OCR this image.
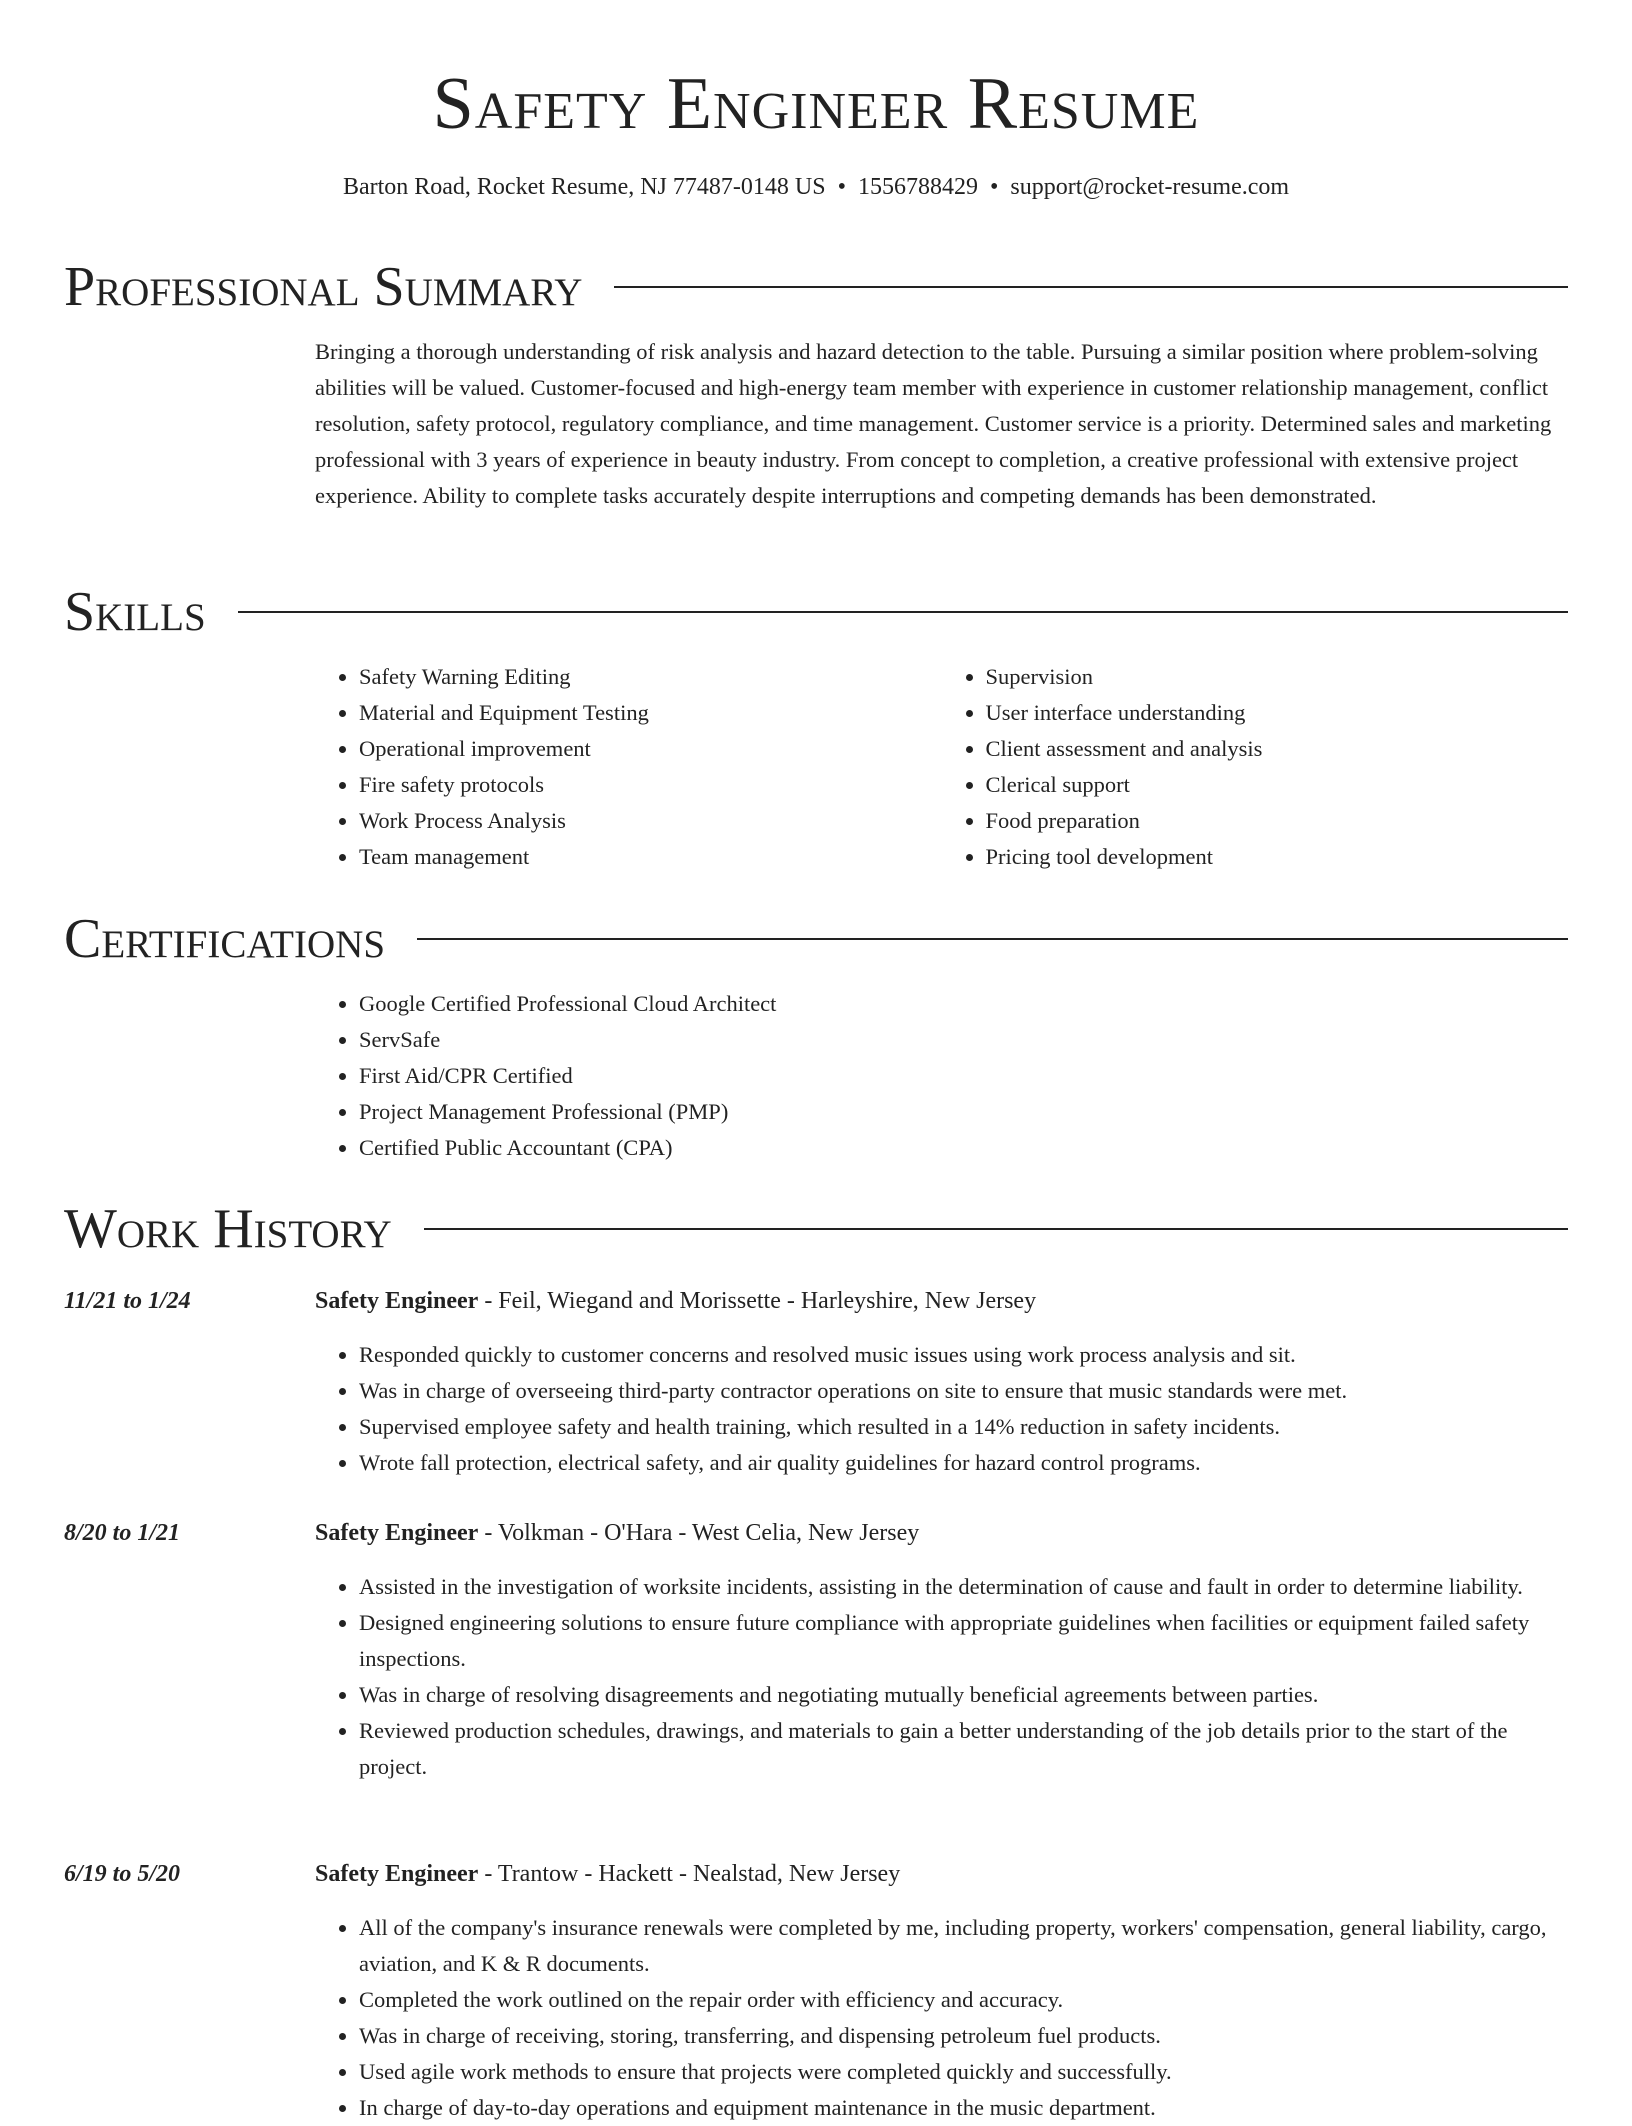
Safety Engineer Resume
Barton Road, Rocket Resume, NJ 77487-0148 US • 1556788429 • support@rocket-resume.com
Professional Summary

Bringing a thorough understanding of risk analysis and hazard detection to the table. Pursuing a similar position where problem-solving abilities will be valued. Customer-focused and high-energy team member with experience in customer relationship management, conflict resolution, safety protocol, regulatory compliance, and time management. Customer service is a priority. Determined sales and marketing professional with 3 years of experience in beauty industry. From concept to completion, a creative professional with extensive project experience. Ability to complete tasks accurately despite interruptions and competing demands has been demonstrated.

Skills
• Safety Warning Editing
• Material and Equipment Testing
• Operational improvement
• Fire safety protocols
• Work Process Analysis
• Team management
• Supervision
• User interface understanding
• Client assessment and analysis
• Clerical support
• Food preparation
• Pricing tool development
Certifications
• Google Certified Professional Cloud Architect
• ServSafe
• First Aid/CPR Certified
• Project Management Professional (PMP)
• Certified Public Accountant (CPA)
Work History
11/21 to 1/24	Safety Engineer - Feil, Wiegand and Morissette - Harleyshire, New Jersey
• Responded quickly to customer concerns and resolved music issues using work process analysis and sit.
• Was in charge of overseeing third-party contractor operations on site to ensure that music standards were met.
• Supervised employee safety and health training, which resulted in a 14% reduction in safety incidents.
• Wrote fall protection, electrical safety, and air quality guidelines for hazard control programs.
8/20 to 1/21	Safety Engineer - Volkman - O'Hara - West Celia, New Jersey
• Assisted in the investigation of worksite incidents, assisting in the determination of cause and fault in order to determine liability.
• Designed engineering solutions to ensure future compliance with appropriate guidelines when facilities or equipment failed safety inspections.
• Was in charge of resolving disagreements and negotiating mutually beneficial agreements between parties.
• Reviewed production schedules, drawings, and materials to gain a better understanding of the job details prior to the start of the project.
6/19 to 5/20	Safety Engineer - Trantow - Hackett - Nealstad, New Jersey
• All of the company's insurance renewals were completed by me, including property, workers' compensation, general liability, cargo, aviation, and K & R documents.
• Completed the work outlined on the repair order with efficiency and accuracy.
• Was in charge of receiving, storing, transferring, and dispensing petroleum fuel products.
• Used agile work methods to ensure that projects were completed quickly and successfully.
• In charge of day-to-day operations and equipment maintenance in the music department.
